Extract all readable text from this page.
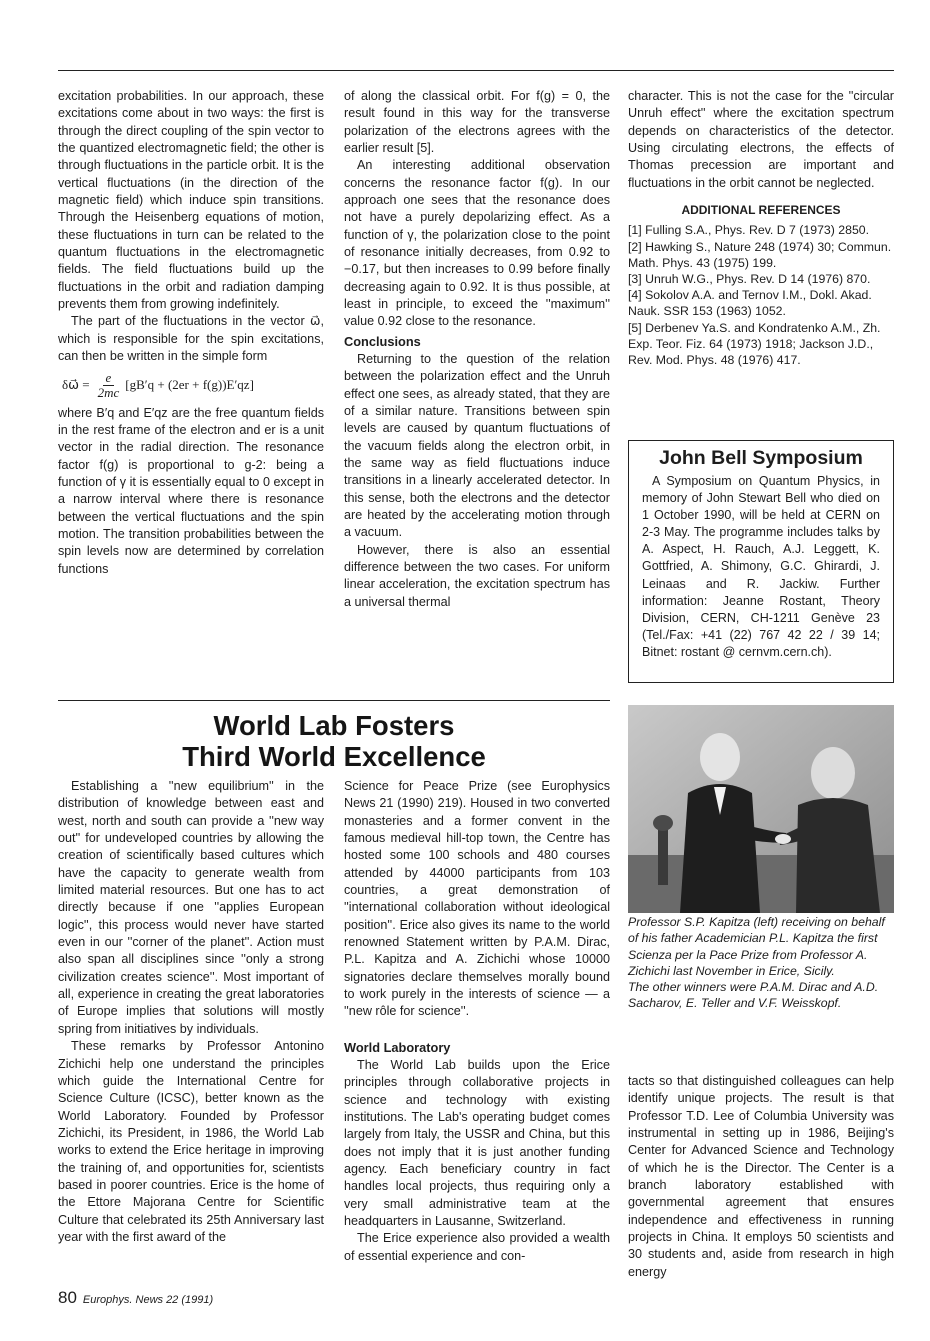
excitation probabilities. In our approach, these excitations come about in two ways: the first is through the direct coupling of the spin vector to the quantized electromagnetic field; the other is through fluctuations in the particle orbit. It is the vertical fluctuations (in the direction of the magnetic field) which induce spin transitions. Through the Heisenberg equations of motion, these fluctuations in turn can be related to the quantum fluctuations in the electromagnetic fields. The field fluctuations build up the fluctuations in the orbit and radiation damping prevents them from growing indefinitely.

The part of the fluctuations in the vector ω⃗, which is responsible for the spin excitations, can then be written in the simple form

δω⃗ = $\frac{e}{2mc} [gB'q + (2er + f(g))E'qz]$

where B′q and E′qz are the free quantum fields in the rest frame of the electron and er is a unit vector in the radial direction. The resonance factor f(g) is proportional to g-2: being a function of γ it is essentially equal to 0 except in a narrow interval where there is resonance between the vertical fluctuations and the spin motion. The transition probabilities between the spin levels now are determined by correlation functions

of along the classical orbit. For f(g) = 0, the result found in this way for the transverse polarization of the electrons agrees with the earlier result [5].

An interesting additional observation concerns the resonance factor f(g). In our approach one sees that the resonance does not have a purely depolarizing effect. As a function of γ, the polarization close to the point of resonance initially decreases, from 0.92 to −0.17, but then increases to 0.99 before finally decreasing again to 0.92. It is thus possible, at least in principle, to exceed the ''maximum'' value 0.92 close to the resonance.

Conclusions

Returning to the question of the relation between the polarization effect and the Unruh effect one sees, as already stated, that they are of a similar nature. Transitions between spin levels are caused by quantum fluctuations of the vacuum fields along the electron orbit, in the same way as field fluctuations induce transitions in a linearly accelerated detector. In this sense, both the electrons and the detector are heated by the accelerating motion through a vacuum.

However, there is also an essential difference between the two cases. For uniform linear acceleration, the excitation spectrum has a universal thermal

character. This is not the case for the ''circular Unruh effect'' where the excitation spectrum depends on characteristics of the detector. Using circulating electrons, the effects of Thomas precession are important and fluctuations in the orbit cannot be neglected.

ADDITIONAL REFERENCES

[1] Fulling S.A., Phys. Rev. D 7 (1973) 2850.

[2] Hawking S., Nature 248 (1974) 30; Commun. Math. Phys. 43 (1975) 199.

[3] Unruh W.G., Phys. Rev. D 14 (1976) 870.

[4] Sokolov A.A. and Ternov I.M., Dokl. Akad. Nauk. SSR 153 (1963) 1052.

[5] Derbenev Ya.S. and Kondratenko A.M., Zh. Exp. Teor. Fiz. 64 (1973) 1918; Jackson J.D., Rev. Mod. Phys. 48 (1976) 417.

John Bell Symposium

A Symposium on Quantum Physics, in memory of John Stewart Bell who died on 1 October 1990, will be held at CERN on 2-3 May. The programme includes talks by A. Aspect, H. Rauch, A.J. Leggett, K. Gottfried, A. Shimony, G.C. Ghirardi, J. Leinaas and R. Jackiw. Further information: Jeanne Rostant, Theory Division, CERN, CH-1211 Genève 23 (Tel./Fax: +41 (22) 767 42 22 / 39 14; Bitnet: rostant @ cernvm.cern.ch).

World Lab Fosters
Third World Excellence

Establishing a ''new equilibrium'' in the distribution of knowledge between east and west, north and south can provide a ''new way out'' for undeveloped countries by allowing the creation of scientifically based cultures which have the capacity to generate wealth from limited material resources. But one has to act directly because if one ''applies European logic'', this process would never have started even in our ''corner of the planet''. Action must also span all disciplines since ''only a strong civilization creates science''. Most important of all, experience in creating the great laboratories of Europe implies that solutions will mostly spring from initiatives by individuals.

These remarks by Professor Antonino Zichichi help one understand the principles which guide the International Centre for Science Culture (ICSC), better known as the World Laboratory. Founded by Professor Zichichi, its President, in 1986, the World Lab works to extend the Erice heritage in improving the training of, and opportunities for, scientists based in poorer countries. Erice is the home of the Ettore Majorana Centre for Scientific Culture that celebrated its 25th Anniversary last year with the first award of the

Science for Peace Prize (see Europhysics News 21 (1990) 219). Housed in two converted monasteries and a former convent in the famous medieval hill-top town, the Centre has hosted some 100 schools and 480 courses attended by 44000 participants from 103 countries, a great demonstration of ''international collaboration without ideological position''. Erice also gives its name to the world renowned Statement written by P.A.M. Dirac, P.L. Kapitza and A. Zichichi whose 10000 signatories declare themselves morally bound to work purely in the interests of science — a ''new rôle for science''.

World Laboratory

The World Lab builds upon the Erice principles through collaborative projects in science and technology with existing institutions. The Lab's operating budget comes largely from Italy, the USSR and China, but this does not imply that it is just another funding agency. Each beneficiary country in fact handles local projects, thus requiring only a very small administrative team at the headquarters in Lausanne, Switzerland.

The Erice experience also provided a wealth of essential experience and con-

Professor S.P. Kapitza (left) receiving on behalf of his father Academician P.L. Kapitza the first Scienza per la Pace Prize from Professor A. Zichichi last November in Erice, Sicily.

The other winners were P.A.M. Dirac and A.D. Sacharov, E. Teller and V.F. Weisskopf.

tacts so that distinguished colleagues can help identify unique projects. The result is that Professor T.D. Lee of Columbia University was instrumental in setting up in 1986, Beijing's Center for Advanced Science and Technology of which he is the Director. The Center is a branch laboratory established with governmental agreement that ensures independence and effectiveness in running projects in China. It employs 50 scientists and 30 students and, aside from research in high energy

80 Europhys. News 22 (1991)
